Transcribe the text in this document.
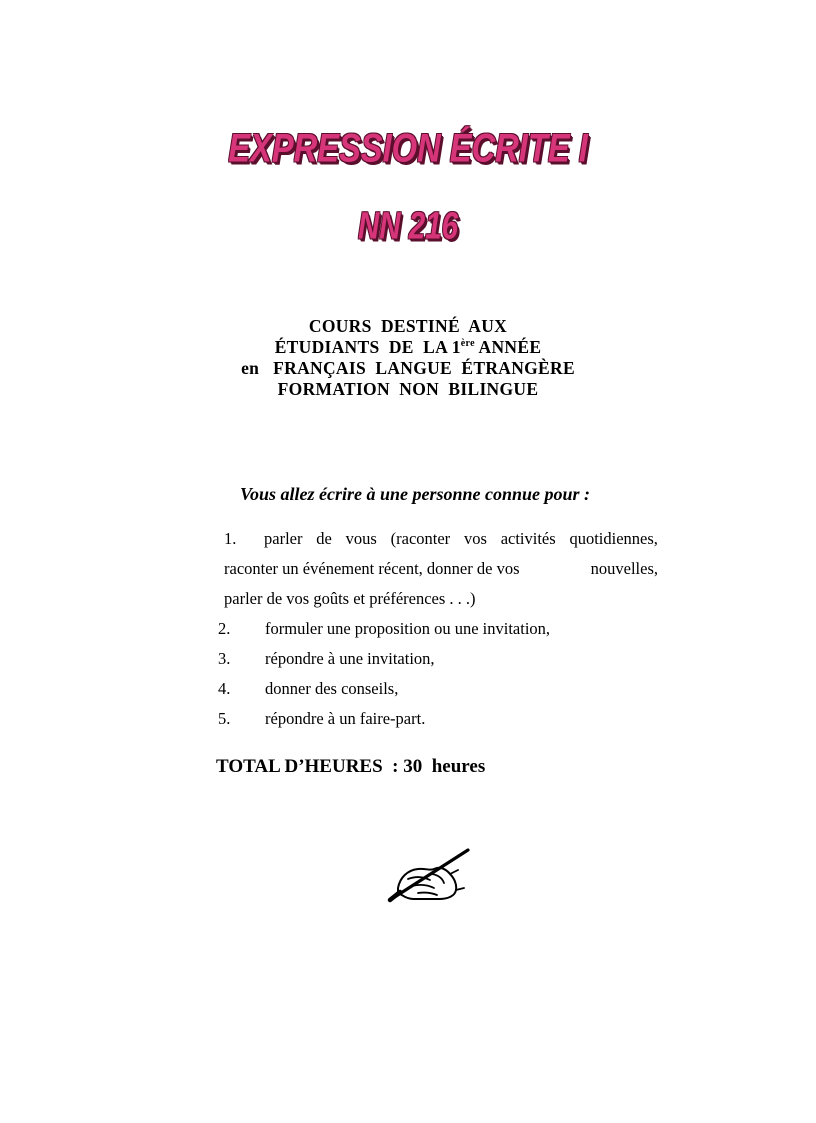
EXPRESSION ÉCRITE I
NN 216
COURS  DESTINÉ  AUX
ÉTUDIANTS  DE  LA 1ère ANNÉE
en   FRANÇAIS  LANGUE  ÉTRANGÈRE
FORMATION  NON  BILINGUE
Vous allez écrire à une personne connue pour :
1. parler de vous (raconter vos activités quotidiennes,
raconter un événement récent, donner de vos	nouvelles,
parler de vos goûts et préférences . . .)
2. formuler une proposition ou une invitation,
3. répondre à une invitation,
4. donner des conseils,
5. répondre à un faire-part.
TOTAL D’HEURES  : 30  heures
